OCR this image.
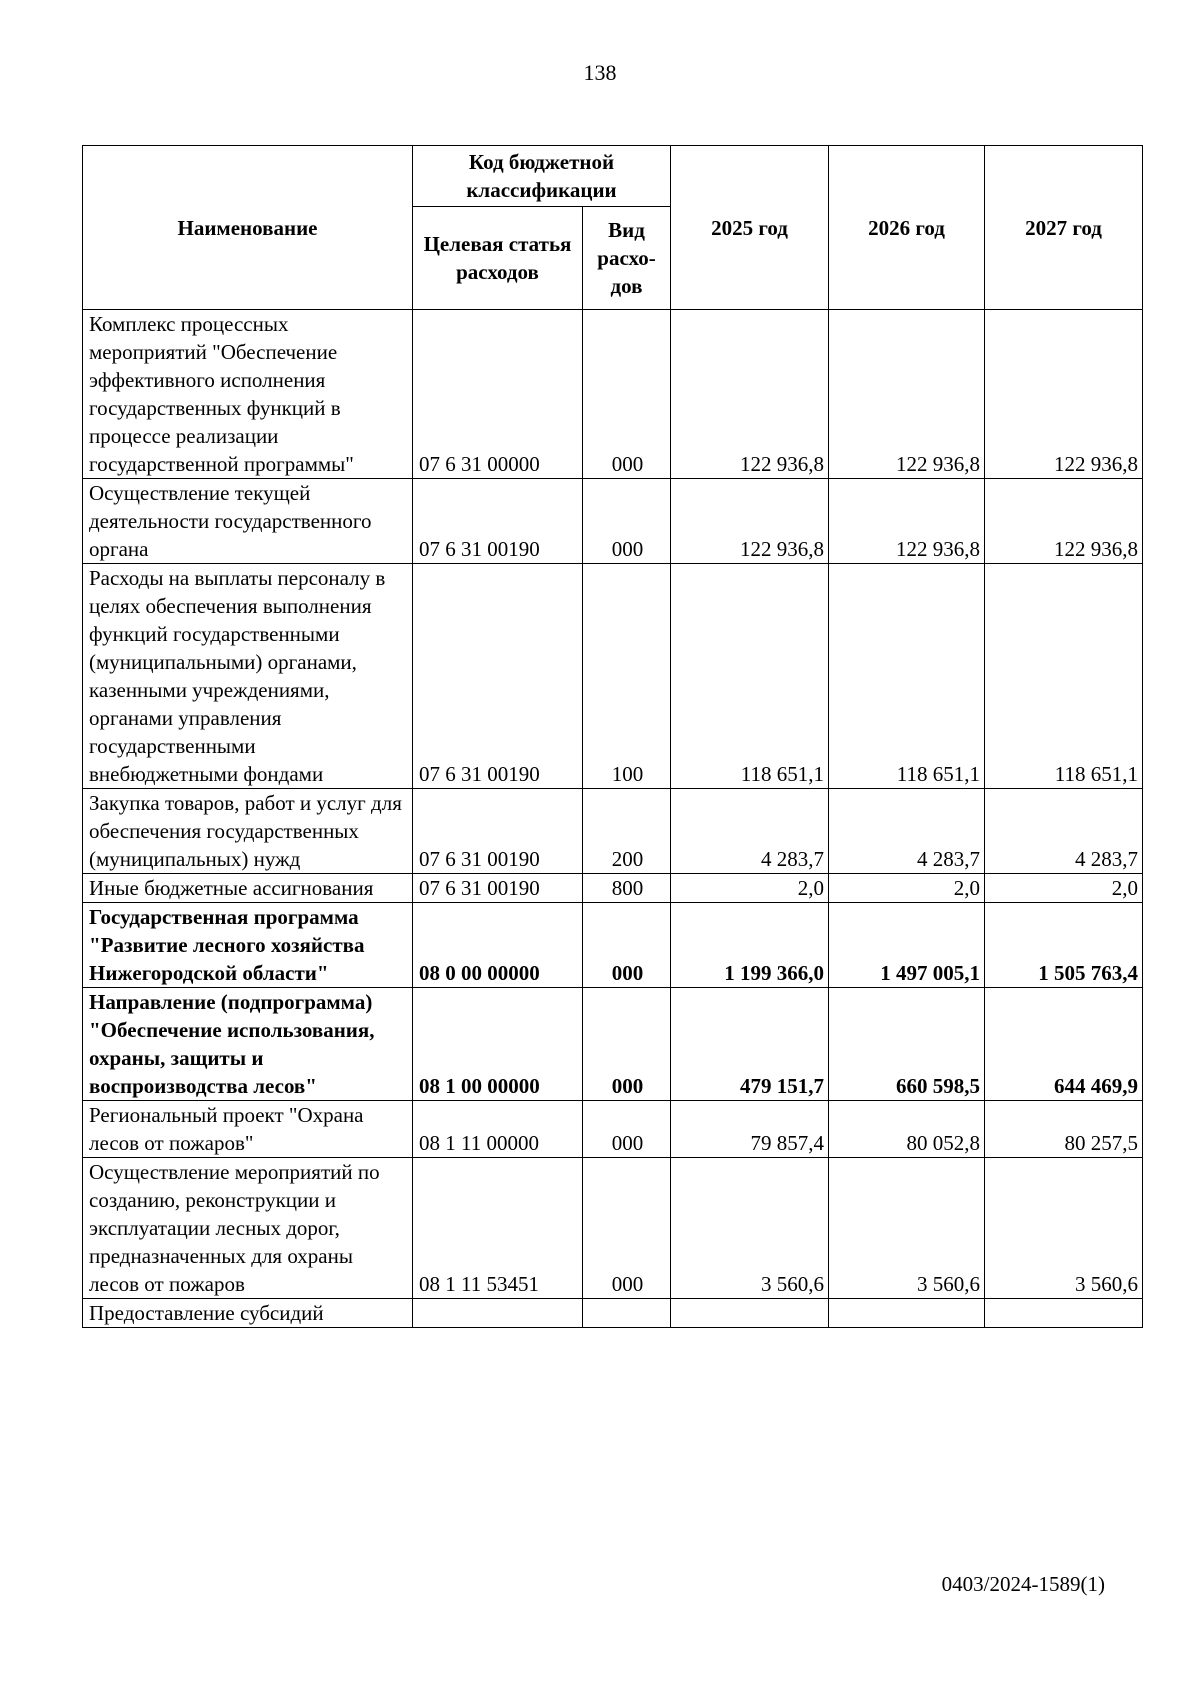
138
Наименование	Код бюджетной классификации		2025 год	2026 год	2027 год
	Целевая статья расходов	Вид расхо-дов			
Комплекс процессных мероприятий "Обеспечение эффективного исполнения государственных функций в процессе реализации государственной программы"	07 6 31 00000	000	122 936,8	122 936,8	122 936,8
Осуществление текущей деятельности государственного органа	07 6 31 00190	000	122 936,8	122 936,8	122 936,8
Расходы на выплаты персоналу в целях обеспечения выполнения функций государственными (муниципальными) органами, казенными учреждениями, органами управления государственными внебюджетными фондами	07 6 31 00190	100	118 651,1	118 651,1	118 651,1
Закупка товаров, работ и услуг для обеспечения государственных (муниципальных) нужд	07 6 31 00190	200	4 283,7	4 283,7	4 283,7
Иные бюджетные ассигнования	07 6 31 00190	800	2,0	2,0	2,0
Государственная программа "Развитие лесного хозяйства Нижегородской области"	08 0 00 00000	000	1 199 366,0	1 497 005,1	1 505 763,4
Направление (подпрограмма) "Обеспечение использования, охраны, защиты и воспроизводства лесов"	08 1 00 00000	000	479 151,7	660 598,5	644 469,9
Региональный проект "Охрана лесов от пожаров"	08 1 11 00000	000	79 857,4	80 052,8	80 257,5
Осуществление мероприятий по созданию, реконструкции и эксплуатации лесных дорог, предназначенных для охраны лесов от пожаров	08 1 11 53451	000	3 560,6	3 560,6	3 560,6
Предоставление субсидий					
0403/2024-1589(1)
